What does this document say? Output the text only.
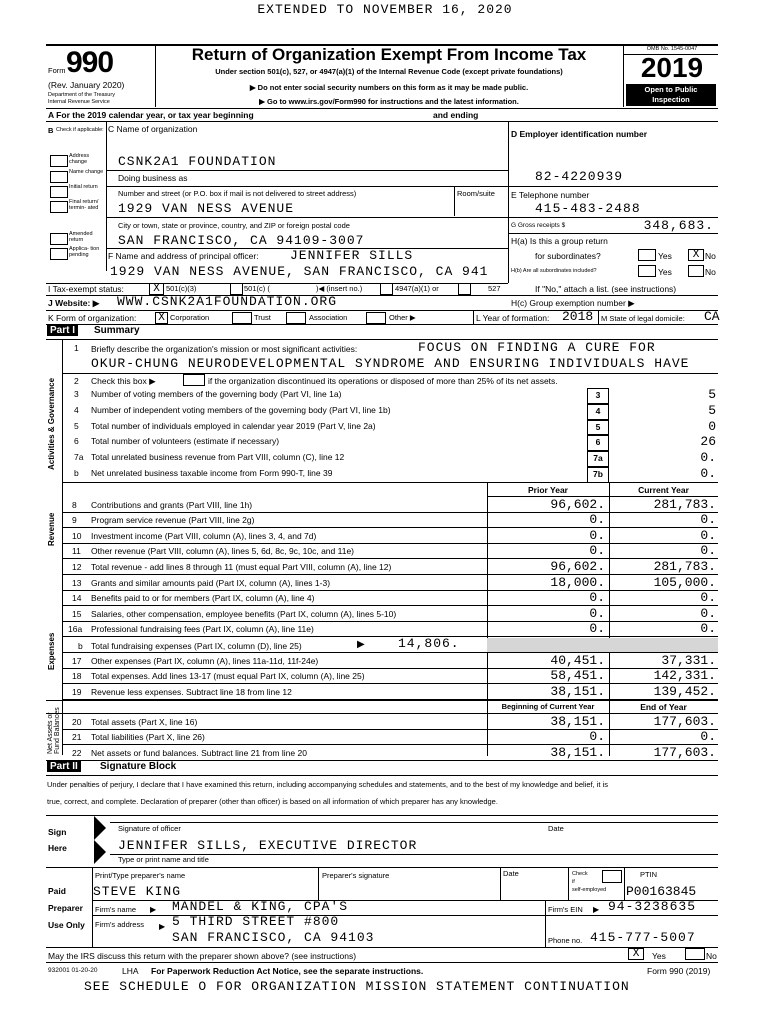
EXTENDED TO NOVEMBER 16, 2020
Form 990
(Rev. January 2020)
Department of the Treasury
Internal Revenue Service
Return of Organization Exempt From Income Tax
Under section 501(c), 527, or 4947(a)(1) of the Internal Revenue Code (except private foundations)
▶ Do not enter social security numbers on this form as it may be made public.
▶ Go to www.irs.gov/Form990 for instructions and the latest information.
OMB No. 1545-0047
2019
Open to Public
Inspection
A For the 2019 calendar year, or tax year beginning	and ending
B Check if applicable:
Address change
Name change
Initial return
Final return/ termin- ated
Amended return
Applica- tion pending
C Name of organization
CSNK2A1 FOUNDATION
Doing business as
Number and street (or P.O. box if mail is not delivered to street address)	Room/suite
1929 VAN NESS AVENUE
City or town, state or province, country, and ZIP or foreign postal code
SAN FRANCISCO, CA 94109-3007
F Name and address of principal officer: JENNIFER SILLS
1929 VAN NESS AVENUE, SAN FRANCISCO, CA 941
D Employer identification number
82-4220939
E Telephone number
415-483-2488
G Gross receipts $	348,683.
H(a) Is this a group return
for subordinates?	Yes	X No
H(b) Are all subordinates included?	Yes	No
If "No," attach a list. (see instructions)
H(c) Group exemption number ▶
I Tax-exempt status:	X 501(c)(3)	501(c) (	)◀ (insert no.)	4947(a)(1) or	527
J Website: ▶ WWW.CSNK2A1FOUNDATION.ORG
K Form of organization: X Corporation	Trust	Association	Other ▶	L Year of formation: 2018 M State of legal domicile: CA
Part I	Summary
Activities & Governance
Revenue
Expenses
Net Assets or Fund Balances
1 Briefly describe the organization's mission or most significant activities:	FOCUS ON FINDING A CURE FOR
OKUR-CHUNG NEURODEVELOPMENTAL SYNDROME AND ENSURING INDIVIDUALS HAVE
2 Check this box ▶	if the organization discontinued its operations or disposed of more than 25% of its net assets.
3 Number of voting members of the governing body (Part VI, line 1a)	3	5
4 Number of independent voting members of the governing body (Part VI, line 1b)	4	5
5 Total number of individuals employed in calendar year 2019 (Part V, line 2a)	5	0
6 Total number of volunteers (estimate if necessary)	6	26
7a Total unrelated business revenue from Part VIII, column (C), line 12	7a	0.
b Net unrelated business taxable income from Form 990-T, line 39	7b	0.
Prior Year	Current Year
8 Contributions and grants (Part VIII, line 1h)	96,602.	281,783.
9 Program service revenue (Part VIII, line 2g)	0.	0.
10 Investment income (Part VIII, column (A), lines 3, 4, and 7d)	0.	0.
11 Other revenue (Part VIII, column (A), lines 5, 6d, 8c, 9c, 10c, and 11e)	0.	0.
12 Total revenue - add lines 8 through 11 (must equal Part VIII, column (A), line 12)	96,602.	281,783.
13 Grants and similar amounts paid (Part IX, column (A), lines 1-3)	18,000.	105,000.
14 Benefits paid to or for members (Part IX, column (A), line 4)	0.	0.
15 Salaries, other compensation, employee benefits (Part IX, column (A), lines 5-10)	0.	0.
16a Professional fundraising fees (Part IX, column (A), line 11e)	0.	0.
17 Other expenses (Part IX, column (A), lines 11a-11d, 11f-24e)	40,451.	37,331.
18 Total expenses. Add lines 13-17 (must equal Part IX, column (A), line 25)	58,451.	142,331.
19 Revenue less expenses. Subtract line 18 from line 12	38,151.	139,452.
b Total fundraising expenses (Part IX, column (D), line 25)	▶	14,806.
Beginning of Current Year	End of Year
20 Total assets (Part X, line 16)	38,151.	177,603.
21 Total liabilities (Part X, line 26)	0.	0.
22 Net assets or fund balances. Subtract line 21 from line 20	38,151.	177,603.
Part II	Signature Block
Under penalties of perjury, I declare that I have examined this return, including accompanying schedules and statements, and to the best of my knowledge and belief, it is
true, correct, and complete. Declaration of preparer (other than officer) is based on all information of which preparer has any knowledge.
Sign
Here
Signature of officer	Date
JENNIFER SILLS, EXECUTIVE DIRECTOR
Type or print name and title
Paid
Preparer
Use Only
Print/Type preparer's name	Preparer's signature	Date	Check
if
self-employed
PTIN
STEVE KING	P00163845
Firm's name ▶ MANDEL & KING, CPA'S	Firm's EIN ▶ 94-3238635
Firm's address ▶ 5 THIRD STREET #800
SAN FRANCISCO, CA 94103	Phone no. 415-777-5007
May the IRS discuss this return with the preparer shown above? (see instructions)	X	Yes	No
932001 01-20-20	LHA For Paperwork Reduction Act Notice, see the separate instructions.	Form 990 (2019)
SEE SCHEDULE O FOR ORGANIZATION MISSION STATEMENT CONTINUATION
